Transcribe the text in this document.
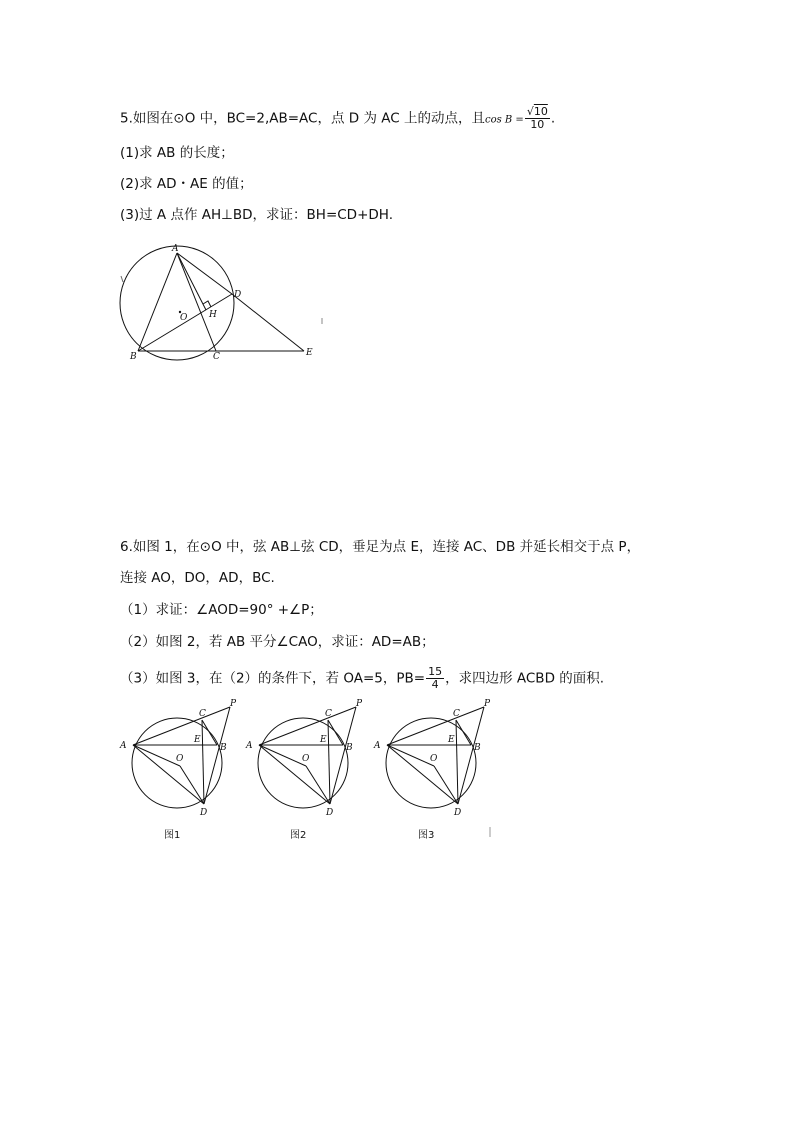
5.如图在⊙O 中，BC=2,AB=AC，点 D 为 AC 上的动点，且$\cos B = \frac{√10}{10}$ .
(1)求 AB 的长度；
(2)求 AD・AE 的值；
(3)过 A 点作 AH⊥BD，求证：BH=CD+DH.
A
D
O H
B	C	E
6.如图 1，在⊙O 中，弦 AB⊥弦 CD，垂足为点 E，连接 AC、DB 并延长相交于点 P，
连接 AO，DO，AD，BC.
（1）求证：∠AOD=90° +∠P；
（2）如图 2，若 AB 平分∠CAO，求证：AD=AB；
（3）如图 3，在（2）的条件下，若 OA=5，$PB= \frac{15}{4}$ ，求四边形 ACBD 的面积.
C
P
E
A	B
O
D
图1
C
P
E
A	B
O
D
图2
C
P
E
A	B
O
D
图3
